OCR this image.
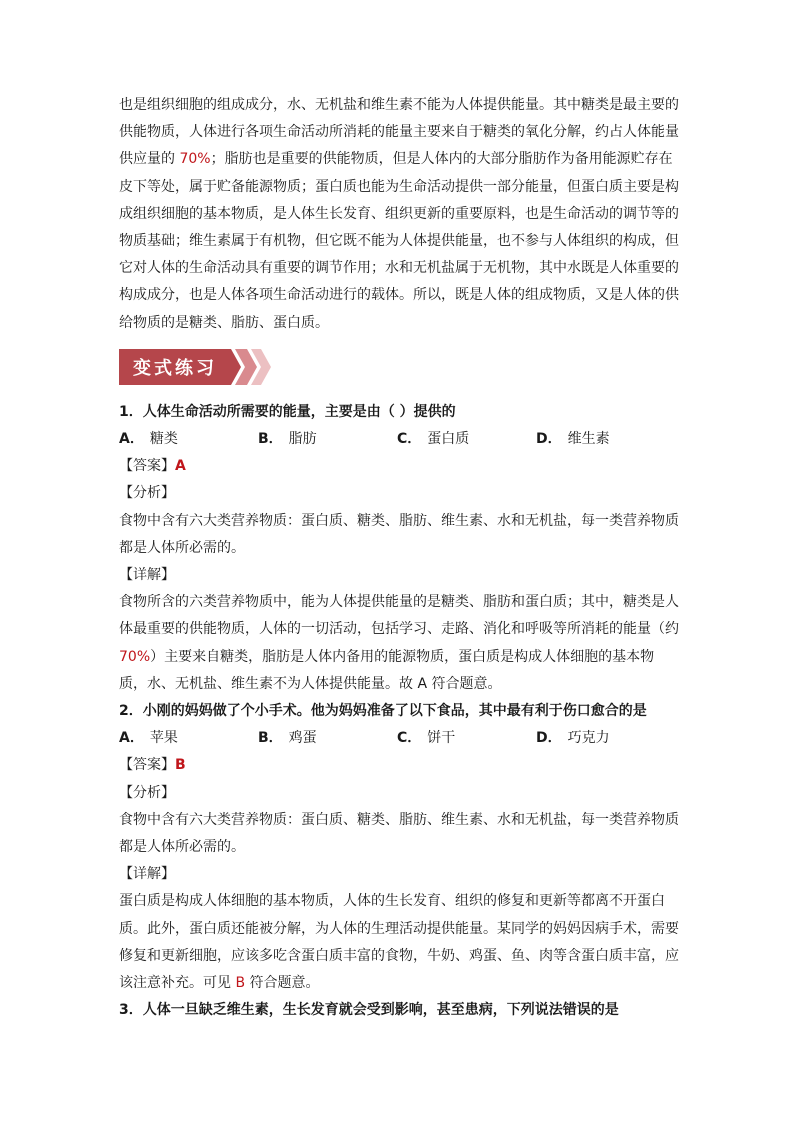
也是组织细胞的组成成分，水、无机盐和维生素不能为人体提供能量。其中糖类是最主要的供能物质，人体进行各项生命活动所消耗的能量主要来自于糖类的氧化分解，约占人体能量供应量的 70%；脂肪也是重要的供能物质，但是人体内的大部分脂肪作为备用能源贮存在皮下等处，属于贮备能源物质；蛋白质也能为生命活动提供一部分能量，但蛋白质主要是构成组织细胞的基本物质，是人体生长发育、组织更新的重要原料，也是生命活动的调节等的物质基础；维生素属于有机物，但它既不能为人体提供能量，也不参与人体组织的构成，但它对人体的生命活动具有重要的调节作用；水和无机盐属于无机物，其中水既是人体重要的构成成分，也是人体各项生命活动进行的载体。所以，既是人体的组成物质，又是人体的供给物质的是糖类、脂肪、蛋白质。

变式练习

1．人体生命活动所需要的能量，主要是由（ ）提供的

A． 糖类	B． 脂肪	C． 蛋白质	D． 维生素

【答案】A

【分析】

食物中含有六大类营养物质：蛋白质、糖类、脂肪、维生素、水和无机盐，每一类营养物质都是人体所必需的。

【详解】

食物所含的六类营养物质中，能为人体提供能量的是糖类、脂肪和蛋白质；其中，糖类是人体最重要的供能物质，人体的一切活动，包括学习、走路、消化和呼吸等所消耗的能量（约 70%）主要来自糖类，脂肪是人体内备用的能源物质，蛋白质是构成人体细胞的基本物质，水、无机盐、维生素不为人体提供能量。故 A 符合题意。

2．小刚的妈妈做了个小手术。他为妈妈准备了以下食品，其中最有利于伤口愈合的是

A． 苹果	B． 鸡蛋	C． 饼干	D． 巧克力

【答案】B

【分析】

食物中含有六大类营养物质：蛋白质、糖类、脂肪、维生素、水和无机盐，每一类营养物质都是人体所必需的。

【详解】

蛋白质是构成人体细胞的基本物质，人体的生长发育、组织的修复和更新等都离不开蛋白质。此外，蛋白质还能被分解，为人体的生理活动提供能量。某同学的妈妈因病手术，需要修复和更新细胞，应该多吃含蛋白质丰富的食物，牛奶、鸡蛋、鱼、肉等含蛋白质丰富，应该注意补充。可见 B 符合题意。

3．人体一旦缺乏维生素，生长发育就会受到影响，甚至患病，下列说法错误的是
